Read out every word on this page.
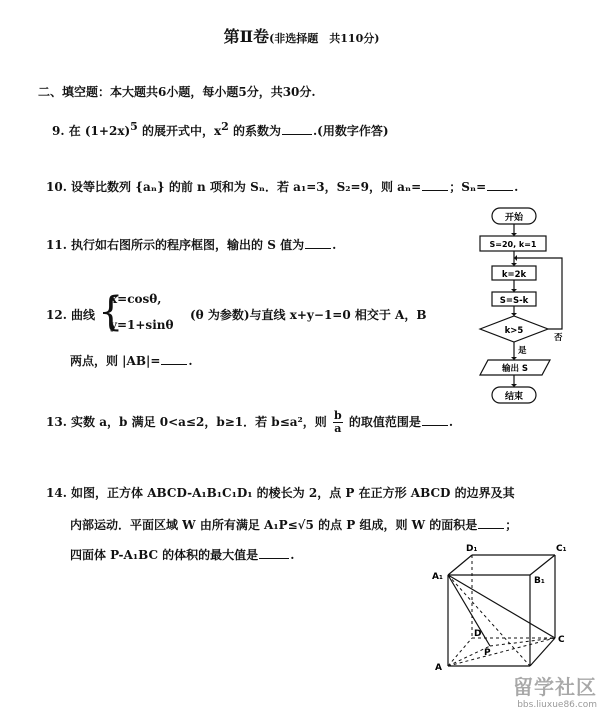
第Ⅱ卷(非选择题　共110分)
二、填空题：本大题共6小题，每小题5分，共30分.
9. 在 $(1+2x)^5$ 的展开式中，$x^2$ 的系数为	.(用数字作答)
10. 设等比数列 {aₙ} 的前 n 项和为 Sₙ．若 a₁=3，S₂=9，则 aₙ= ；Sₙ= .
11. 执行如右图所示的程序框图，输出的 S 值为 .
12. 曲线 {
x=cosθ,
y=1+sinθ
(θ 为参数)与直线 x+y−1=0 相交于 A，B
两点，则 |AB|= .
13. 实数 a，b 满足 0<a≤2，b≥1．若 b≤a²，则 $\frac{b}{a}$ 的取值范围是 .
14. 如图，正方体 ABCD-A₁B₁C₁D₁ 的棱长为 2，点 P 在正方形 ABCD 的边界及其
内部运动．平面区域 W 由所有满足 A₁P≤√5 的点 P 组成，则 W 的面积是 ；
四面体 P-A₁BC 的体积的最大值是	.
开始
S=20, k=1
k=2k
S=S-k
k>5
否
是
输出 S
结束
D₁	C₁
A₁	B₁
D
C
A
P
留学社区
bbs.liuxue86.com
